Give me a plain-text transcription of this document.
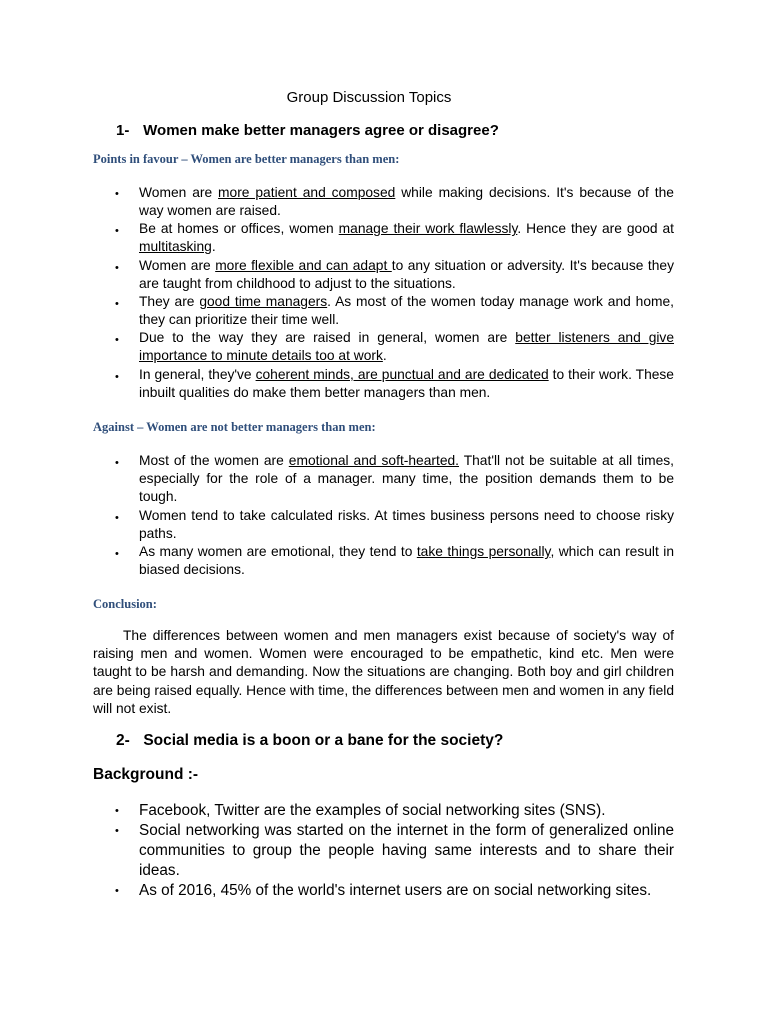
Group Discussion Topics
1- Women make better managers agree or disagree?
Points in favour – Women are better managers than men:
• Women are more patient and composed while making decisions. It's because of the way women are raised.
• Be at homes or offices, women manage their work flawlessly. Hence they are good at multitasking.
• Women are more flexible and can adapt to any situation or adversity. It's because they are taught from childhood to adjust to the situations.
• They are good time managers. As most of the women today manage work and home, they can prioritize their time well.
• Due to the way they are raised in general, women are better listeners and give importance to minute details too at work.
• In general, they've coherent minds, are punctual and are dedicated to their work. These inbuilt qualities do make them better managers than men.
Against – Women are not better managers than men:
• Most of the women are emotional and soft-hearted. That'll not be suitable at all times, especially for the role of a manager. many time, the position demands them to be tough.
• Women tend to take calculated risks. At times business persons need to choose risky paths.
• As many women are emotional, they tend to take things personally, which can result in biased decisions.
Conclusion:
The differences between women and men managers exist because of society's way of raising men and women. Women were encouraged to be empathetic, kind etc. Men were taught to be harsh and demanding. Now the situations are changing. Both boy and girl children are being raised equally. Hence with time, the differences between men and women in any field will not exist.
2- Social media is a boon or a bane for the society?
Background :-
• Facebook, Twitter are the examples of social networking sites (SNS).
• Social networking was started on the internet in the form of generalized online communities to group the people having same interests and to share their ideas.
• As of 2016, 45% of the world's internet users are on social networking sites.
